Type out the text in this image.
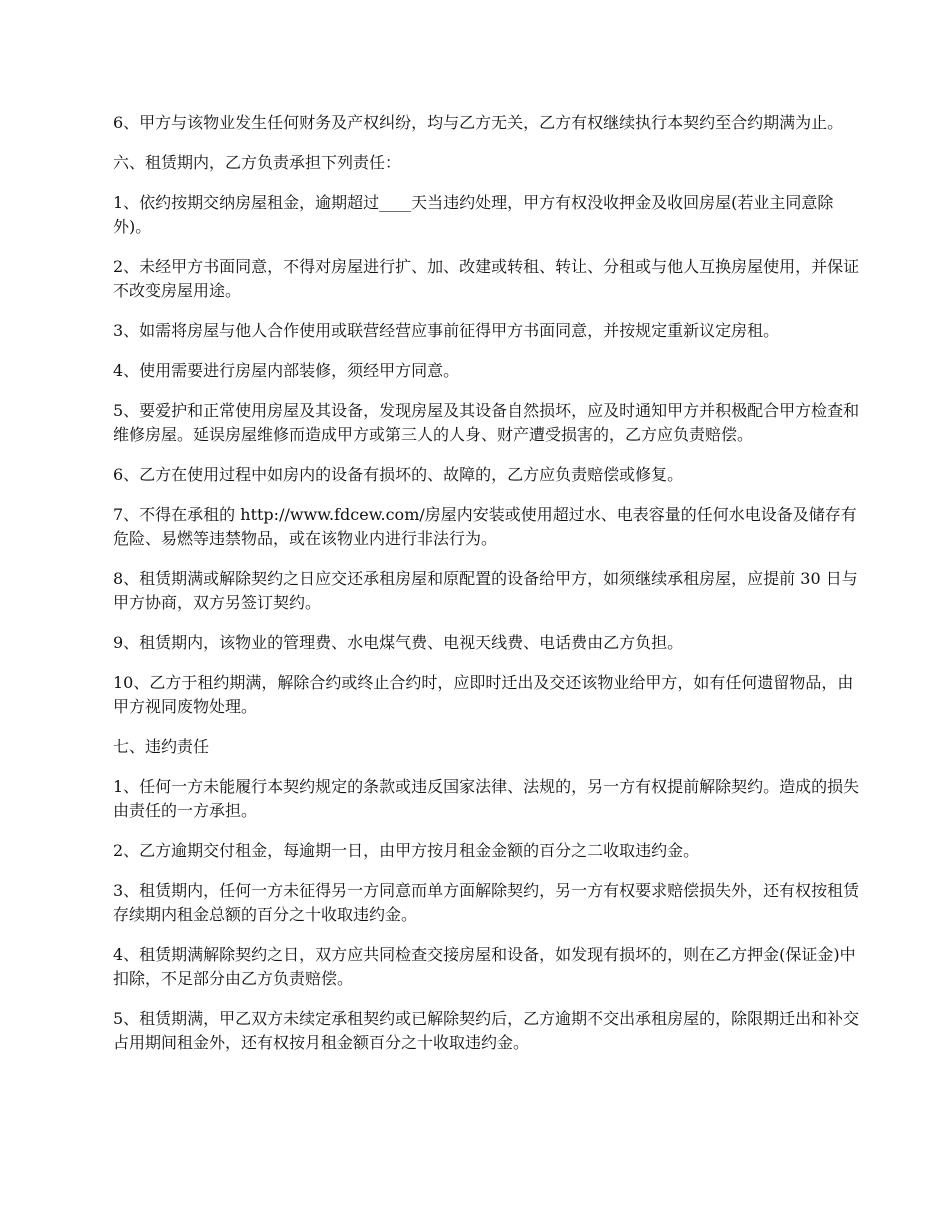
6、甲方与该物业发生任何财务及产权纠纷，均与乙方无关，乙方有权继续执行本契约至合约期满为止。

六、租赁期内，乙方负责承担下列责任：

1、依约按期交纳房屋租金，逾期超过____天当违约处理，甲方有权没收押金及收回房屋(若业主同意除外)。

2、未经甲方书面同意，不得对房屋进行扩、加、改建或转租、转让、分租或与他人互换房屋使用，并保证不改变房屋用途。

3、如需将房屋与他人合作使用或联营经营应事前征得甲方书面同意，并按规定重新议定房租。

4、使用需要进行房屋内部装修，须经甲方同意。

5、要爱护和正常使用房屋及其设备，发现房屋及其设备自然损坏，应及时通知甲方并积极配合甲方检查和维修房屋。延误房屋维修而造成甲方或第三人的人身、财产遭受损害的，乙方应负责赔偿。

6、乙方在使用过程中如房内的设备有损坏的、故障的，乙方应负责赔偿或修复。

7、不得在承租的 http://www.fdcew.com/房屋内安装或使用超过水、电表容量的任何水电设备及储存有危险、易燃等违禁物品，或在该物业内进行非法行为。

8、租赁期满或解除契约之日应交还承租房屋和原配置的设备给甲方，如须继续承租房屋，应提前 30 日与甲方协商，双方另签订契约。

9、租赁期内，该物业的管理费、水电煤气费、电视天线费、电话费由乙方负担。

10、乙方于租约期满，解除合约或终止合约时，应即时迁出及交还该物业给甲方，如有任何遗留物品，由甲方视同废物处理。

七、违约责任

1、任何一方未能履行本契约规定的条款或违反国家法律、法规的，另一方有权提前解除契约。造成的损失由责任的一方承担。

2、乙方逾期交付租金，每逾期一日，由甲方按月租金金额的百分之二收取违约金。

3、租赁期内，任何一方未征得另一方同意而单方面解除契约，另一方有权要求赔偿损失外，还有权按租赁存续期内租金总额的百分之十收取违约金。

4、租赁期满解除契约之日，双方应共同检查交接房屋和设备，如发现有损坏的，则在乙方押金(保证金)中扣除，不足部分由乙方负责赔偿。

5、租赁期满，甲乙双方未续定承租契约或已解除契约后，乙方逾期不交出承租房屋的，除限期迁出和补交占用期间租金外，还有权按月租金额百分之十收取违约金。
